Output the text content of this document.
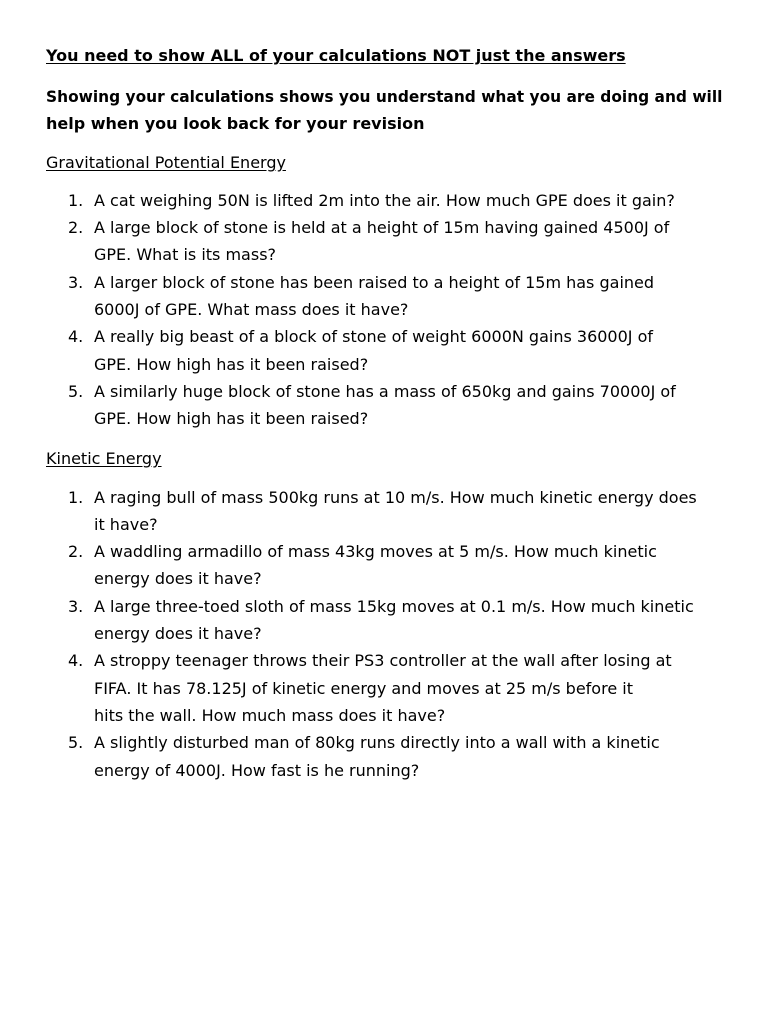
You need to show ALL of your calculations NOT just the answers
Showing your calculations shows you understand what you are doing and will
help when you look back for your revision
Gravitational Potential Energy
1. A cat weighing 50N is lifted 2m into the air. How much GPE does it gain?
2. A large block of stone is held at a height of 15m having gained 4500J of
GPE. What is its mass?
3. A larger block of stone has been raised to a height of 15m has gained
6000J of GPE. What mass does it have?
4. A really big beast of a block of stone of weight 6000N gains 36000J of
GPE. How high has it been raised?
5. A similarly huge block of stone has a mass of 650kg and gains 70000J of
GPE. How high has it been raised?
Kinetic Energy
1. A raging bull of mass 500kg runs at 10 m/s. How much kinetic energy does
it have?
2. A waddling armadillo of mass 43kg moves at 5 m/s. How much kinetic
energy does it have?
3. A large three-toed sloth of mass 15kg moves at 0.1 m/s. How much kinetic
energy does it have?
4. A stroppy teenager throws their PS3 controller at the wall after losing at
FIFA. It has 78.125J of kinetic energy and moves at 25 m/s before it
hits the wall. How much mass does it have?
5. A slightly disturbed man of 80kg runs directly into a wall with a kinetic
energy of 4000J. How fast is he running?
